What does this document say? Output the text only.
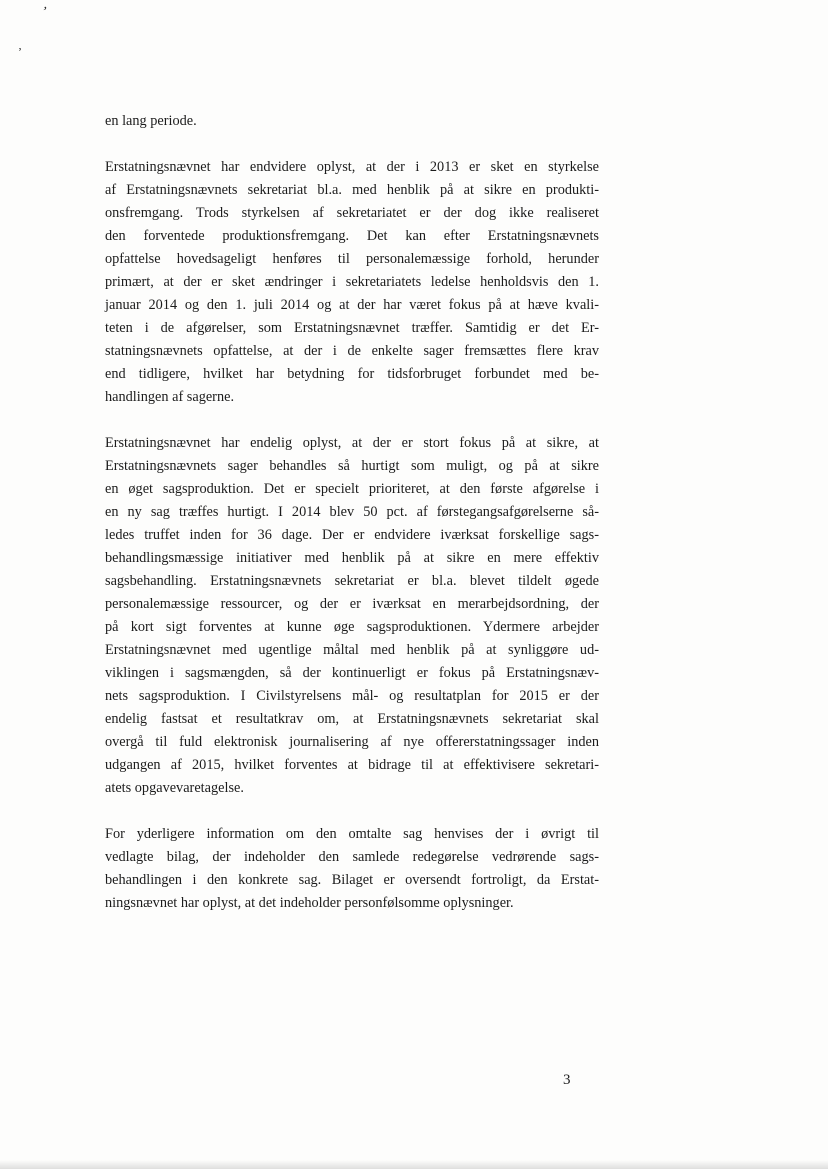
’
‚
en lang periode.
Erstatningsnævnet har endvidere oplyst, at der i 2013 er sket en styrkelse
af Erstatningsnævnets sekretariat bl.a. med henblik på at sikre en produkti-
onsfremgang. Trods styrkelsen af sekretariatet er der dog ikke realiseret
den forventede produktionsfremgang. Det kan efter Erstatningsnævnets
opfattelse hovedsageligt henføres til personalemæssige forhold, herunder
primært, at der er sket ændringer i sekretariatets ledelse henholdsvis den 1.
januar 2014 og den 1. juli 2014 og at der har været fokus på at hæve kvali-
teten i de afgørelser, som Erstatningsnævnet træffer. Samtidig er det Er-
statningsnævnets opfattelse, at der i de enkelte sager fremsættes flere krav
end tidligere, hvilket har betydning for tidsforbruget forbundet med be-
handlingen af sagerne.
Erstatningsnævnet har endelig oplyst, at der er stort fokus på at sikre, at
Erstatningsnævnets sager behandles så hurtigt som muligt, og på at sikre
en øget sagsproduktion. Det er specielt prioriteret, at den første afgørelse i
en ny sag træffes hurtigt. I 2014 blev 50 pct. af førstegangsafgørelserne så-
ledes truffet inden for 36 dage. Der er endvidere iværksat forskellige sags-
behandlingsmæssige initiativer med henblik på at sikre en mere effektiv
sagsbehandling. Erstatningsnævnets sekretariat er bl.a. blevet tildelt øgede
personalemæssige ressourcer, og der er iværksat en merarbejdsordning, der
på kort sigt forventes at kunne øge sagsproduktionen. Ydermere arbejder
Erstatningsnævnet med ugentlige måltal med henblik på at synliggøre ud-
viklingen i sagsmængden, så der kontinuerligt er fokus på Erstatningsnæv-
nets sagsproduktion. I Civilstyrelsens mål- og resultatplan for 2015 er der
endelig fastsat et resultatkrav om, at Erstatningsnævnets sekretariat skal
overgå til fuld elektronisk journalisering af nye offererstatningssager inden
udgangen af 2015, hvilket forventes at bidrage til at effektivisere sekretari-
atets opgavevaretagelse.
For yderligere information om den omtalte sag henvises der i øvrigt til
vedlagte bilag, der indeholder den samlede redegørelse vedrørende sags-
behandlingen i den konkrete sag. Bilaget er oversendt fortroligt, da Erstat-
ningsnævnet har oplyst, at det indeholder personfølsomme oplysninger.
3
